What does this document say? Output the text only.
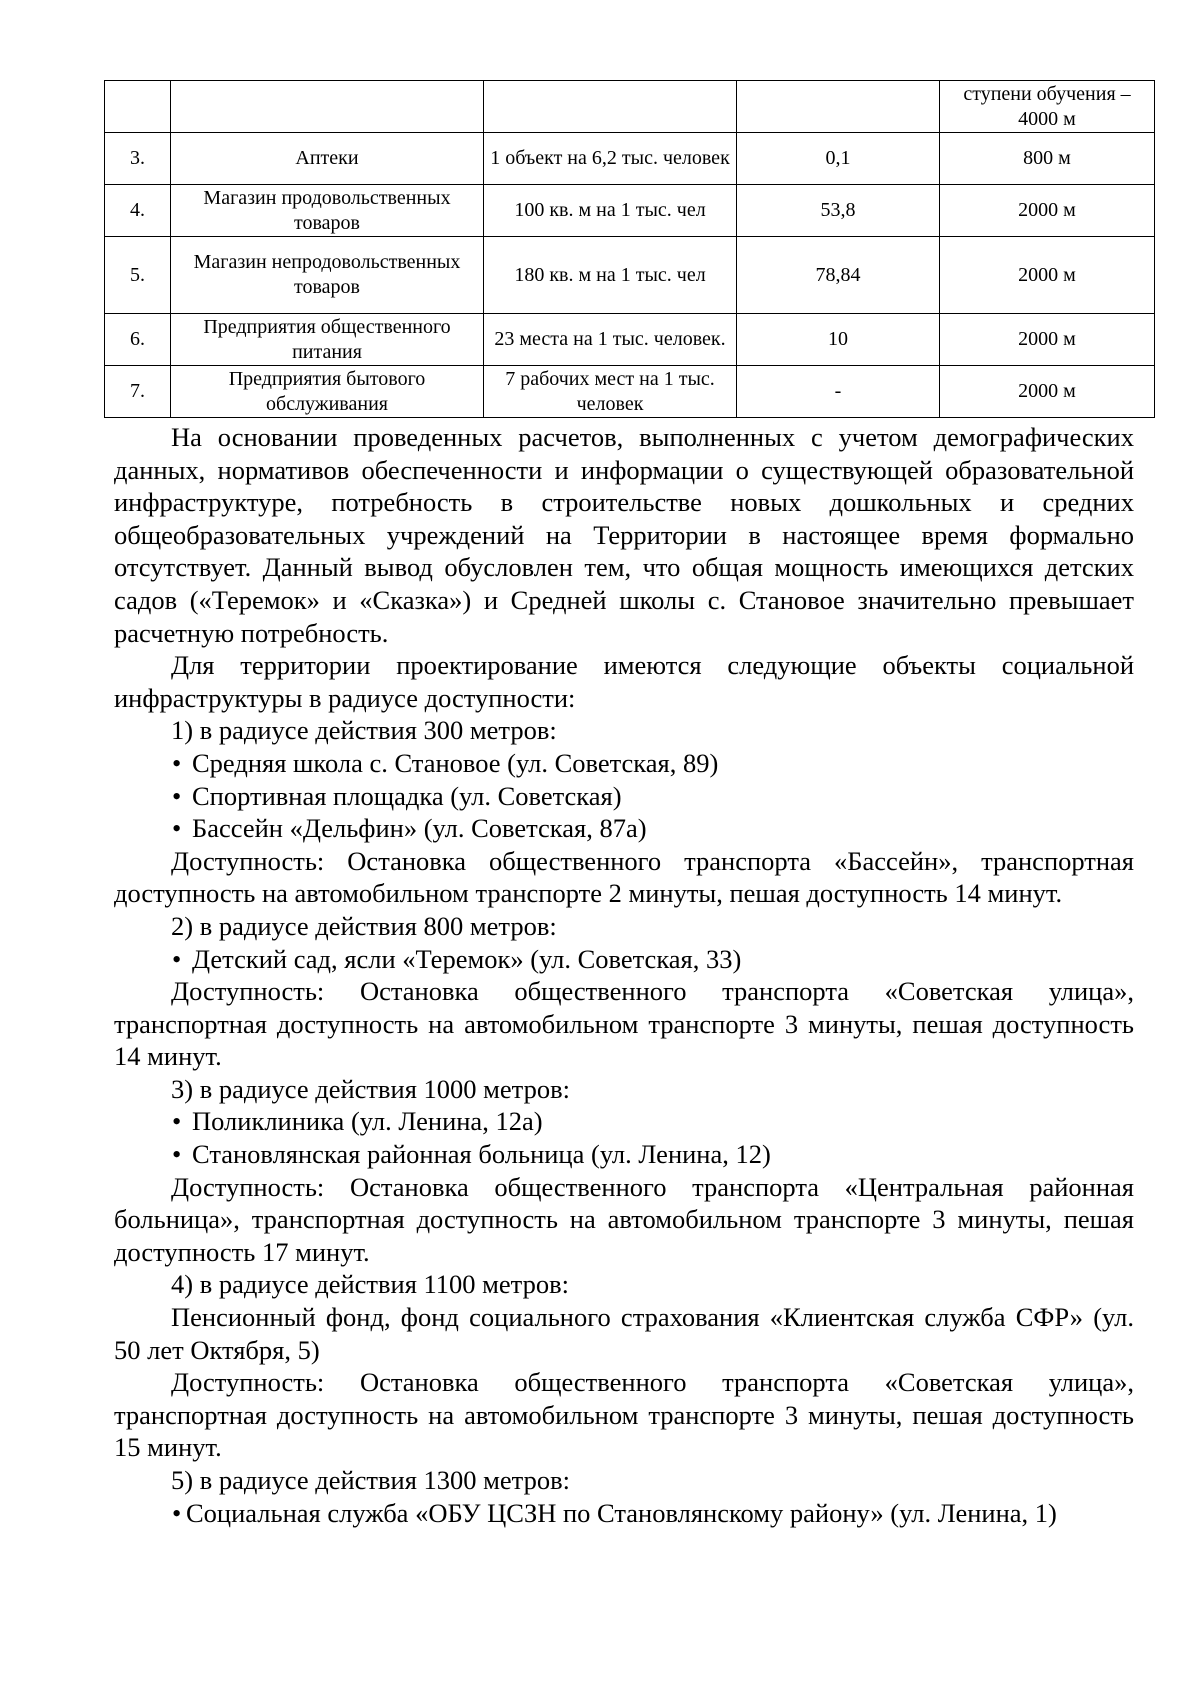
				ступени обучения – 4000 м
3.	Аптеки	1 объект на 6,2 тыс. человек	0,1	800 м
4.	Магазин продовольственных товаров	100 кв. м на 1 тыс. чел	53,8	2000 м
5.	Магазин непродовольственных товаров	180 кв. м на 1 тыс. чел	78,84	2000 м
6.	Предприятия общественного питания	23 места на 1 тыс. человек.	10	2000 м
7.	Предприятия бытового обслуживания	7 рабочих мест на 1 тыс. человек	-	2000 м

На основании проведенных расчетов, выполненных с учетом демографических данных, нормативов обеспеченности и информации о существующей образовательной инфраструктуре, потребность в строительстве новых дошкольных и средних общеобразовательных учреждений на Территории в настоящее время формально отсутствует. Данный вывод обусловлен тем, что общая мощность имеющихся детских садов («Теремок» и «Сказка») и Средней школы с. Становое значительно превышает расчетную потребность.

Для территории проектирование имеются следующие объекты социальной инфраструктуры в радиусе доступности:

1) в радиусе действия 300 метров:

• Средняя школа с. Становое (ул. Советская, 89)

• Спортивная площадка (ул. Советская)

• Бассейн «Дельфин» (ул. Советская, 87а)

Доступность: Остановка общественного транспорта «Бассейн», транспортная доступность на автомобильном транспорте 2 минуты, пешая доступность 14 минут.

2) в радиусе действия 800 метров:

• Детский сад, ясли «Теремок» (ул. Советская, 33)

Доступность: Остановка общественного транспорта «Советская улица», транспортная доступность на автомобильном транспорте 3 минуты, пешая доступность 14 минут.

3) в радиусе действия 1000 метров:

• Поликлиника (ул. Ленина, 12а)

• Становлянская районная больница (ул. Ленина, 12)

Доступность: Остановка общественного транспорта «Центральная районная больница», транспортная доступность на автомобильном транспорте 3 минуты, пешая доступность 17 минут.

4) в радиусе действия 1100 метров:

Пенсионный фонд, фонд социального страхования «Клиентская служба СФР» (ул. 50 лет Октября, 5)

Доступность: Остановка общественного транспорта «Советская улица», транспортная доступность на автомобильном транспорте 3 минуты, пешая доступность 15 минут.

5) в радиусе действия 1300 метров:

• Социальная служба «ОБУ ЦСЗН по Становлянскому району» (ул. Ленина, 1)
